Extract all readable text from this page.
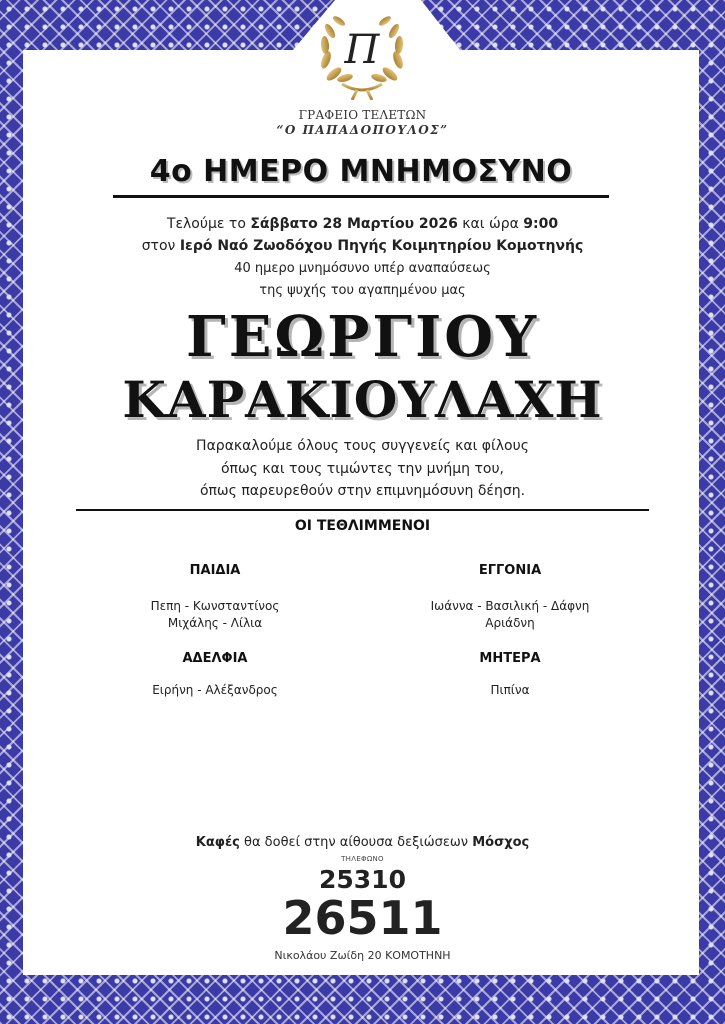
Π
ΓΡΑΦΕΙΟ ΤΕΛΕΤΩΝ
“Ο ΠΑΠΑΔΟΠΟΥΛΟΣ”
4ο ΗΜΕΡΟ ΜΝΗΜΟΣΥΝΟ
Τελούμε το Σάββατο 28 Μαρτίου 2026 και ώρα 9:00
στον Ιερό Ναό Ζωοδόχου Πηγής Κοιμητηρίου Κομοτηνής
40 ημερο μνημόσυνο υπέρ αναπαύσεως
της ψυχής του αγαπημένου μας
ΓΕΩΡΓΙΟΥ
ΚΑΡΑΚΙΟΥΛΑΧΗ
Παρακαλούμε όλους τους συγγενείς και φίλους
όπως και τους τιμώντες την μνήμη του,
όπως παρευρεθούν στην επιμνημόσυνη δέηση.
ΟΙ ΤΕΘΛΙΜΜΕΝΟΙ
ΠΑΙΔΙΑ
Πεπη - Κωνσταντίνος
Μιχάλης - Λίλια
ΕΓΓΟΝΙΑ
Ιωάννα - Βασιλική - Δάφνη
Αριάδνη
ΑΔΕΛΦΙΑ
Ειρήνη - Αλέξανδρος
ΜΗΤΕΡΑ
Πιπίνα
Καφές θα δοθεί στην αίθουσα δεξιώσεων Μόσχος
ΤΗΛΕΦΩΝΟ
25310
26511
Νικολάου Ζωίδη 20 ΚΟΜΟΤΗΝΗ
